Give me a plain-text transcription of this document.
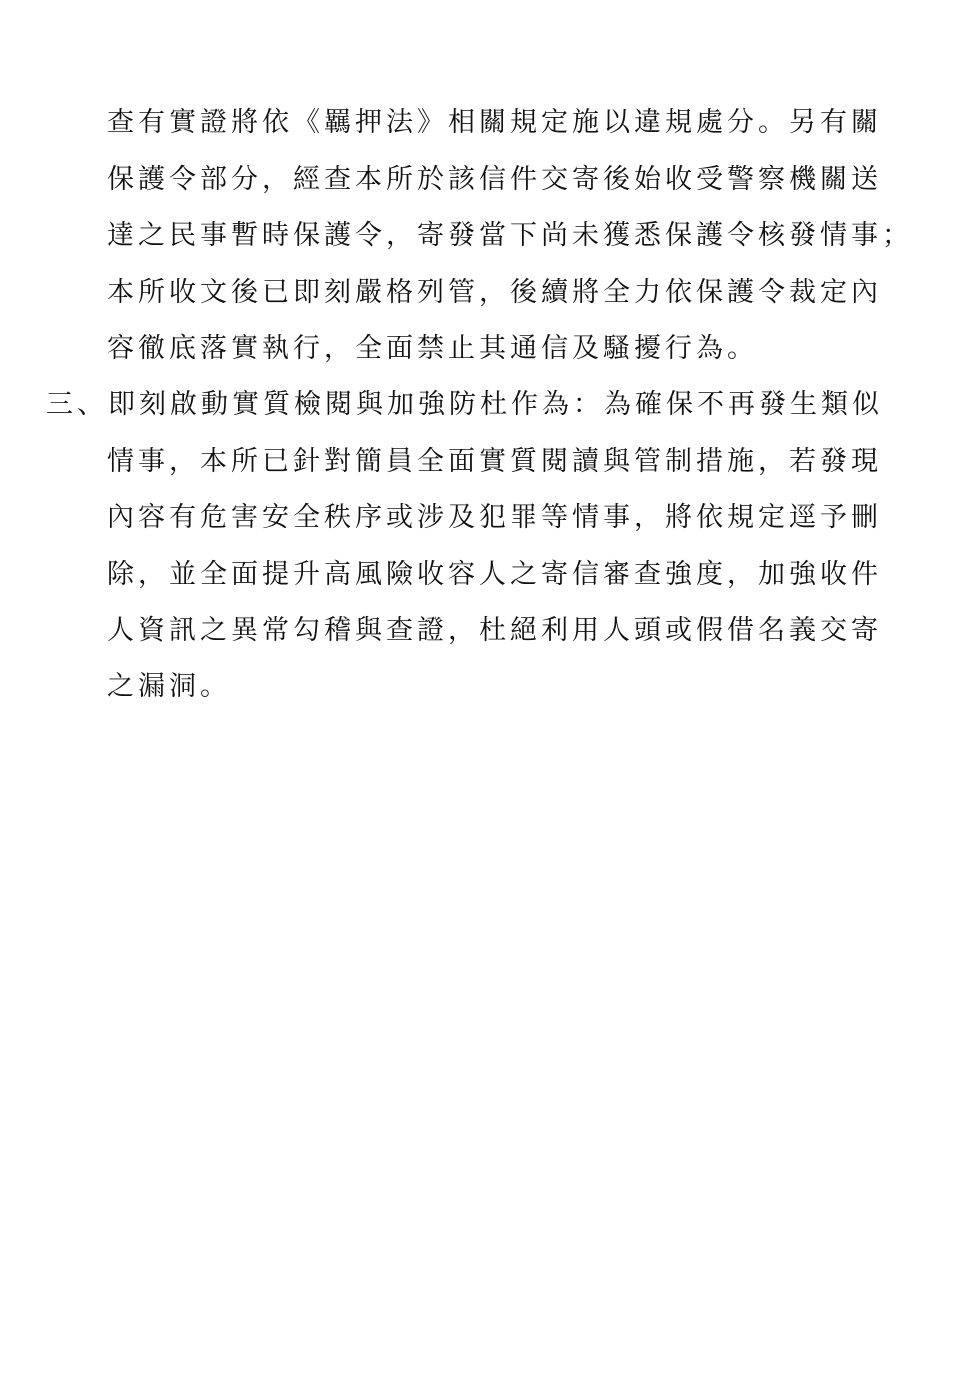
查有實證將依《羈押法》相關規定施以違規處分。另有關
保護令部分，經查本所於該信件交寄後始收受警察機關送
達之民事暫時保護令，寄發當下尚未獲悉保護令核發情事；
本所收文後已即刻嚴格列管，後續將全力依保護令裁定內
容徹底落實執行，全面禁止其通信及騷擾行為。
三、即刻啟動實質檢閱與加強防杜作為：為確保不再發生類似
情事，本所已針對簡員全面實質閱讀與管制措施，若發現
內容有危害安全秩序或涉及犯罪等情事，將依規定逕予刪
除，並全面提升高風險收容人之寄信審查強度，加強收件
人資訊之異常勾稽與查證，杜絕利用人頭或假借名義交寄
之漏洞。
